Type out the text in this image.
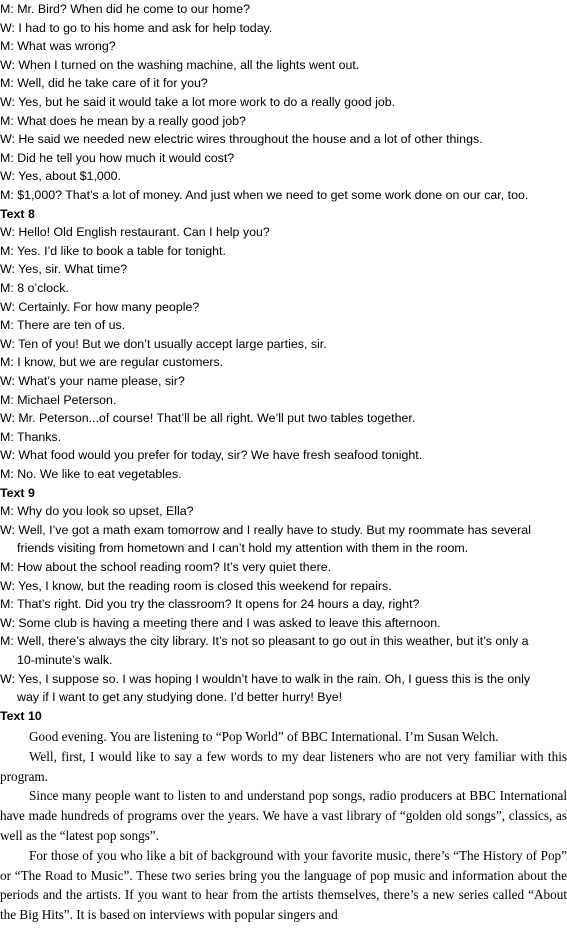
M: Mr. Bird? When did he come to our home?
W: I had to go to his home and ask for help today.
M: What was wrong?
W: When I turned on the washing machine, all the lights went out.
M: Well, did he take care of it for you?
W: Yes, but he said it would take a lot more work to do a really good job.
M: What does he mean by a really good job?
W: He said we needed new electric wires throughout the house and a lot of other things.
M: Did he tell you how much it would cost?
W: Yes, about $1,000.
M: $1,000? That’s a lot of money. And just when we need to get some work done on our car, too.
Text 8
W: Hello! Old English restaurant. Can I help you?
M: Yes. I’d like to book a table for tonight.
W: Yes, sir. What time?
M: 8 o’clock.
W: Certainly. For how many people?
M: There are ten of us.
W: Ten of you! But we don’t usually accept large parties, sir.
M: I know, but we are regular customers.
W: What’s your name please, sir?
M: Michael Peterson.
W: Mr. Peterson...of course! That’ll be all right. We’ll put two tables together.
M: Thanks.
W: What food would you prefer for today, sir? We have fresh seafood tonight.
M: No. We like to eat vegetables.
Text 9
M: Why do you look so upset, Ella?
W: Well, I’ve got a math exam tomorrow and I really have to study. But my roommate has several
friends visiting from hometown and I can’t hold my attention with them in the room.
M: How about the school reading room? It’s very quiet there.
W: Yes, I know, but the reading room is closed this weekend for repairs.
M: That’s right. Did you try the classroom? It opens for 24 hours a day, right?
W: Some club is having a meeting there and I was asked to leave this afternoon.
M: Well, there’s always the city library. It’s not so pleasant to go out in this weather, but it’s only a
10-minute’s walk.
W: Yes, I suppose so. I was hoping I wouldn’t have to walk in the rain. Oh, I guess this is the only
way if I want to get any studying done. I’d better hurry! Bye!
Text 10
Good evening. You are listening to “Pop World” of BBC International. I’m Susan Welch.
Well, first, I would like to say a few words to my dear listeners who are not very familiar with this program.
Since many people want to listen to and understand pop songs, radio producers at BBC International have made hundreds of programs over the years. We have a vast library of “golden old songs”, classics, as well as the “latest pop songs”.
For those of you who like a bit of background with your favorite music, there’s “The History of Pop” or “The Road to Music”. These two series bring you the language of pop music and information about the periods and the artists. If you want to hear from the artists themselves, there’s a new series called “About the Big Hits”. It is based on interviews with popular singers and
